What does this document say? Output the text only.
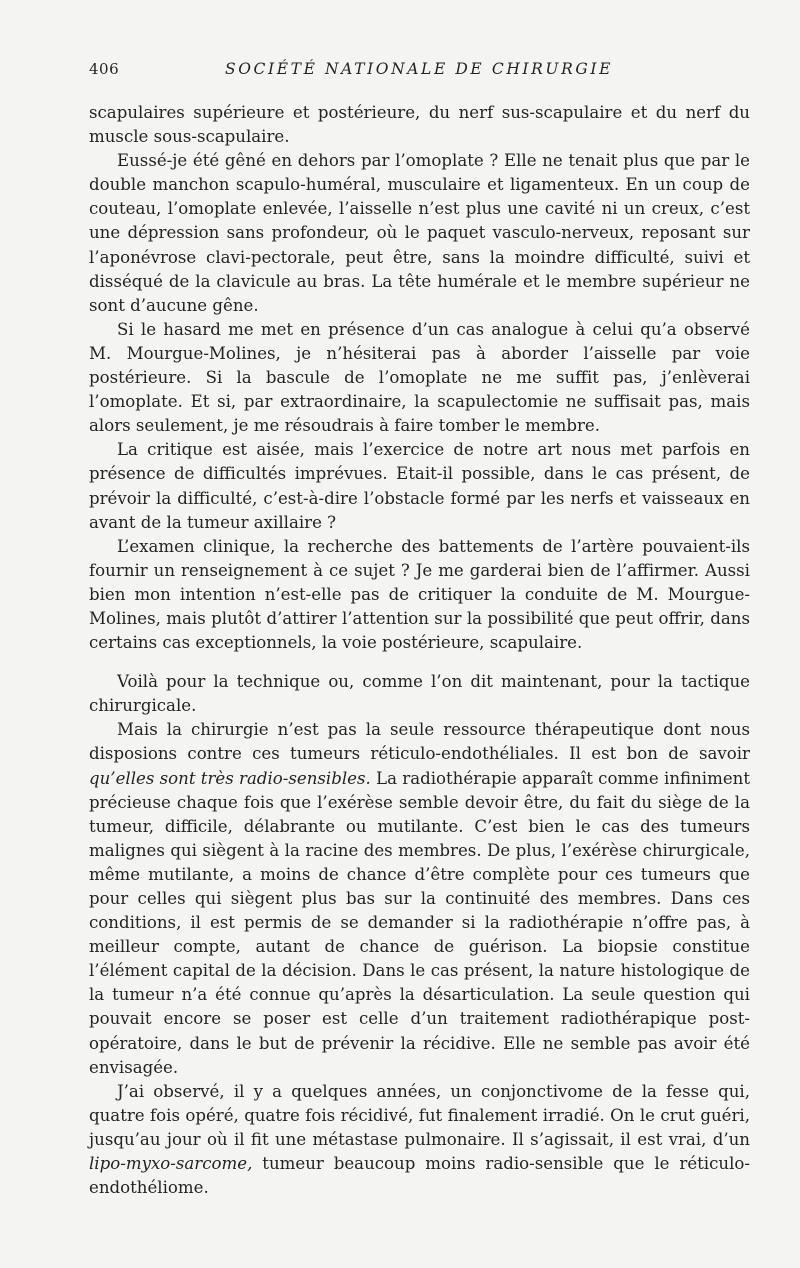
406	SOCIÉTÉ NATIONALE DE CHIRURGIE

scapulaires supérieure et postérieure, du nerf sus-scapulaire et du nerf du muscle sous-scapulaire.

Eussé-je été gêné en dehors par l’omoplate ? Elle ne tenait plus que par le double manchon scapulo-huméral, musculaire et ligamenteux. En un coup de couteau, l’omoplate enlevée, l’aisselle n’est plus une cavité ni un creux, c’est une dépression sans profondeur, où le paquet vasculo-nerveux, reposant sur l’aponévrose clavi-pectorale, peut être, sans la moindre difficulté, suivi et disséqué de la clavicule au bras. La tête humérale et le membre supérieur ne sont d’aucune gêne.

Si le hasard me met en présence d’un cas analogue à celui qu’a observé M. Mourgue-Molines, je n’hésiterai pas à aborder l’aisselle par voie postérieure. Si la bascule de l’omoplate ne me suffit pas, j’enlèverai l’omoplate. Et si, par extraordinaire, la scapulectomie ne suffisait pas, mais alors seulement, je me résoudrais à faire tomber le membre.

La critique est aisée, mais l’exercice de notre art nous met parfois en présence de difficultés imprévues. Etait-il possible, dans le cas présent, de prévoir la difficulté, c’est-à-dire l’obstacle formé par les nerfs et vaisseaux en avant de la tumeur axillaire ?

L’examen clinique, la recherche des battements de l’artère pouvaient-ils fournir un renseignement à ce sujet ? Je me garderai bien de l’affirmer. Aussi bien mon intention n’est-elle pas de critiquer la conduite de M. Mourgue-Molines, mais plutôt d’attirer l’attention sur la possibilité que peut offrir, dans certains cas exceptionnels, la voie postérieure, scapulaire.

Voilà pour la technique ou, comme l’on dit maintenant, pour la tactique chirurgicale.

Mais la chirurgie n’est pas la seule ressource thérapeutique dont nous disposions contre ces tumeurs réticulo-endothéliales. Il est bon de savoir qu’elles sont très radio-sensibles. La radiothérapie apparaît comme infiniment précieuse chaque fois que l’exérèse semble devoir être, du fait du siège de la tumeur, difficile, délabrante ou mutilante. C’est bien le cas des tumeurs malignes qui siègent à la racine des membres. De plus, l’exérèse chirurgicale, même mutilante, a moins de chance d’être complète pour ces tumeurs que pour celles qui siègent plus bas sur la continuité des membres. Dans ces conditions, il est permis de se demander si la radiothérapie n’offre pas, à meilleur compte, autant de chance de guérison. La biopsie constitue l’élément capital de la décision. Dans le cas présent, la nature histologique de la tumeur n’a été connue qu’après la désarticulation. La seule question qui pouvait encore se poser est celle d’un traitement radiothérapique post-opératoire, dans le but de prévenir la récidive. Elle ne semble pas avoir été envisagée.

J’ai observé, il y a quelques années, un conjonctivome de la fesse qui, quatre fois opéré, quatre fois récidivé, fut finalement irradié. On le crut guéri, jusqu’au jour où il fit une métastase pulmonaire. Il s’agissait, il est vrai, d’un lipo-myxo-sarcome, tumeur beaucoup moins radio-sensible que le réticulo-endothéliome.
